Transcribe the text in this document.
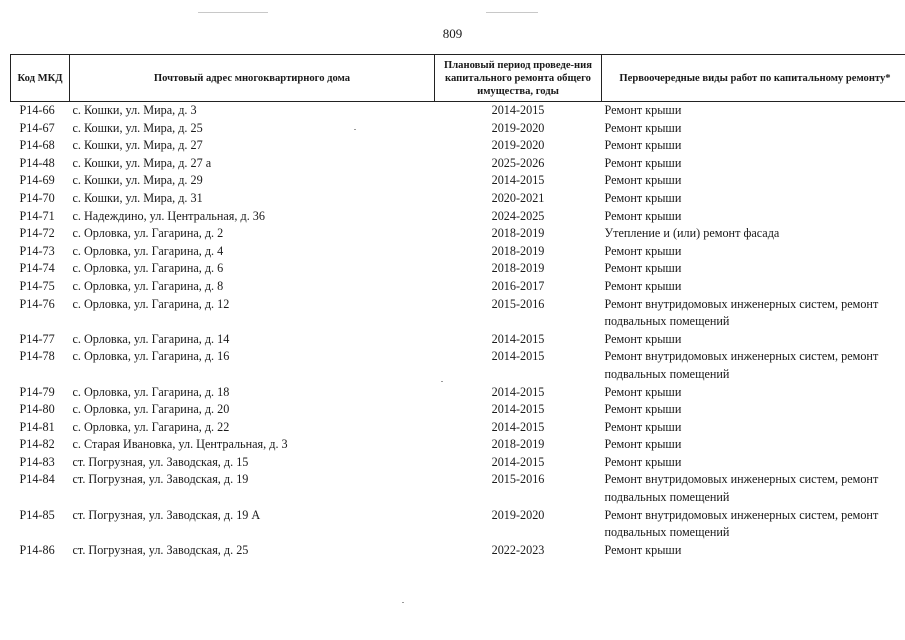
809
Код МКД	Почтовый адрес многоквартирного дома	Плановый период проведе-ния капитального ремонта общего имущества, годы	Первоочередные виды работ по капитальному ремонту*
P14-66	с. Кошки, ул. Мира, д. 3	2014-2015	Ремонт крыши
P14-67	с. Кошки, ул. Мира, д. 25	2019-2020	Ремонт крыши
P14-68	с. Кошки, ул. Мира, д. 27	2019-2020	Ремонт крыши
P14-48	с. Кошки, ул. Мира, д. 27 а	2025-2026	Ремонт крыши
P14-69	с. Кошки, ул. Мира, д. 29	2014-2015	Ремонт крыши
P14-70	с. Кошки, ул. Мира, д. 31	2020-2021	Ремонт крыши
P14-71	с. Надеждино, ул. Центральная, д. 36	2024-2025	Ремонт крыши
P14-72	с. Орловка, ул. Гагарина, д. 2	2018-2019	Утепление и (или) ремонт фасада
P14-73	с. Орловка, ул. Гагарина, д. 4	2018-2019	Ремонт крыши
P14-74	с. Орловка, ул. Гагарина, д. 6	2018-2019	Ремонт крыши
P14-75	с. Орловка, ул. Гагарина, д. 8	2016-2017	Ремонт крыши
P14-76	с. Орловка, ул. Гагарина, д. 12	2015-2016	Ремонт внутридомовых инженерных систем, ремонт подвальных помещений
P14-77	с. Орловка, ул. Гагарина, д. 14	2014-2015	Ремонт крыши
P14-78	с. Орловка, ул. Гагарина, д. 16	2014-2015	Ремонт внутридомовых инженерных систем, ремонт подвальных помещений
P14-79	с. Орловка, ул. Гагарина, д. 18	2014-2015	Ремонт крыши
P14-80	с. Орловка, ул. Гагарина, д. 20	2014-2015	Ремонт крыши
P14-81	с. Орловка, ул. Гагарина, д. 22	2014-2015	Ремонт крыши
P14-82	с. Старая Ивановка, ул. Центральная, д. 3	2018-2019	Ремонт крыши
P14-83	ст. Погрузная, ул. Заводская, д. 15	2014-2015	Ремонт крыши
P14-84	ст. Погрузная, ул. Заводская, д. 19	2015-2016	Ремонт внутридомовых инженерных систем, ремонт подвальных помещений
P14-85	ст. Погрузная, ул. Заводская, д. 19 А	2019-2020	Ремонт внутридомовых инженерных систем, ремонт подвальных помещений
P14-86	ст. Погрузная, ул. Заводская, д. 25	2022-2023	Ремонт крыши
